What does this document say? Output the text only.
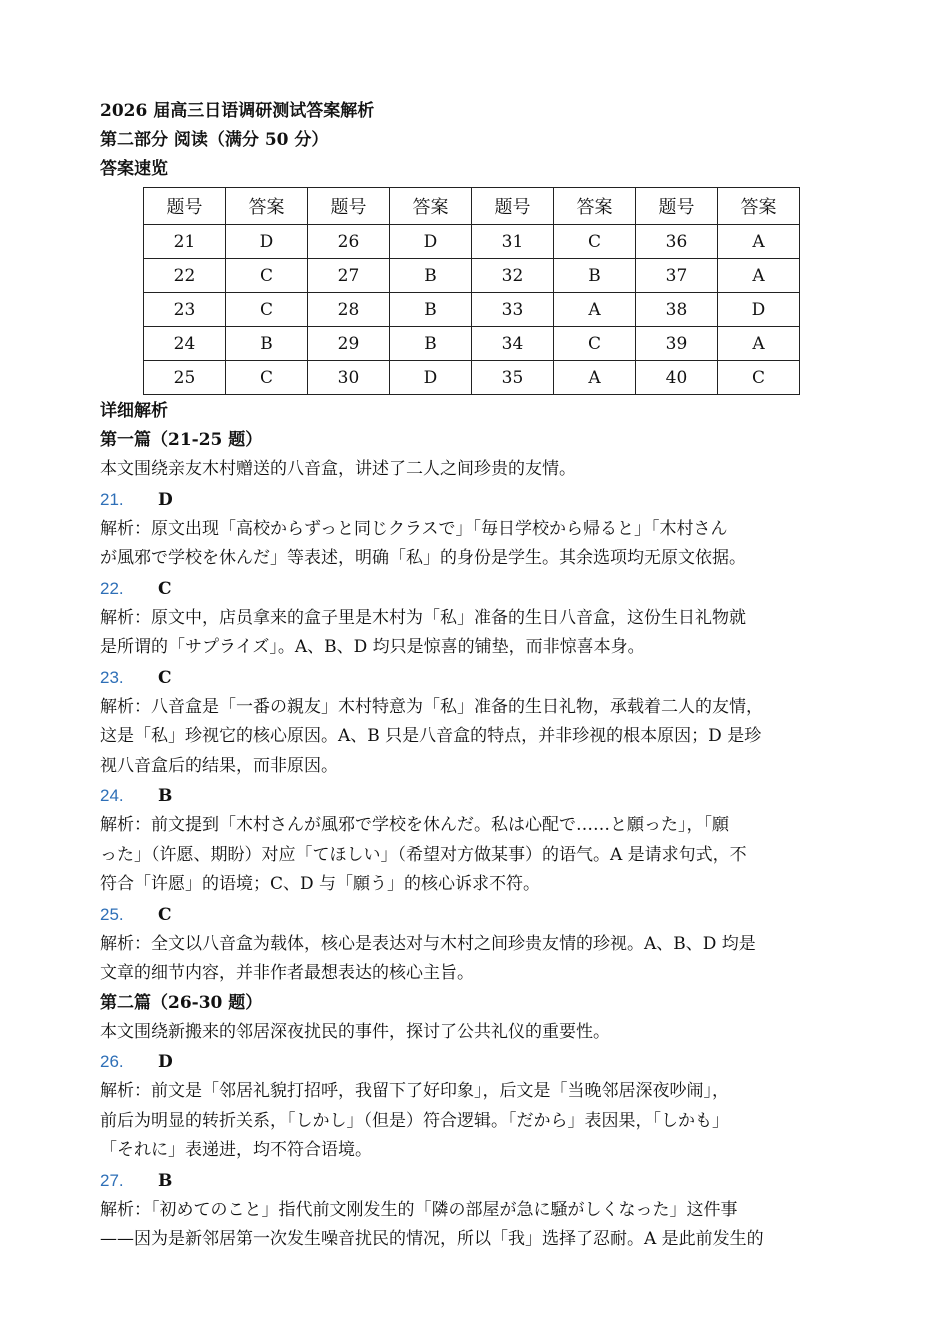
2026 届高三日语调研测试答案解析
第二部分 阅读（满分 50 分）
答案速览
题号	答案	题号	答案	题号	答案	题号	答案
21	D	26	D	31	C	36	A
22	C	27	B	32	B	37	A
23	C	28	B	33	A	38	D
24	B	29	B	34	C	39	A
25	C	30	D	35	A	40	C
详细解析
第一篇（21-25 题）
本文围绕亲友木村赠送的八音盒，讲述了二人之间珍贵的友情。
21. D
解析：原文出现「高校からずっと同じクラスで」「毎日学校から帰ると」「木村さん
が風邪で学校を休んだ」等表述，明确「私」的身份是学生。其余选项均无原文依据。
22. C
解析：原文中，店员拿来的盒子里是木村为「私」准备的生日八音盒，这份生日礼物就
是所谓的「サプライズ」。A、B、D 均只是惊喜的铺垫，而非惊喜本身。
23. C
解析：八音盒是「一番の親友」木村特意为「私」准备的生日礼物，承载着二人的友情，
这是「私」珍视它的核心原因。A、B 只是八音盒的特点，并非珍视的根本原因；D 是珍
视八音盒后的结果，而非原因。
24. B
解析：前文提到「木村さんが風邪で学校を休んだ。私は心配で……と願った」，「願
った」（许愿、期盼）对应「てほしい」（希望对方做某事）的语气。A 是请求句式，不
符合「许愿」的语境；C、D 与「願う」的核心诉求不符。
25. C
解析：全文以八音盒为载体，核心是表达对与木村之间珍贵友情的珍视。A、B、D 均是
文章的细节内容，并非作者最想表达的核心主旨。
第二篇（26-30 题）
本文围绕新搬来的邻居深夜扰民的事件，探讨了公共礼仪的重要性。
26. D
解析：前文是「邻居礼貌打招呼，我留下了好印象」，后文是「当晚邻居深夜吵闹」，
前后为明显的转折关系，「しかし」（但是）符合逻辑。「だから」表因果，「しかも」
「それに」表递进，均不符合语境。
27. B
解析：「初めてのこと」指代前文刚发生的「隣の部屋が急に騒がしくなった」这件事
——因为是新邻居第一次发生噪音扰民的情况，所以「我」选择了忍耐。A 是此前发生的
